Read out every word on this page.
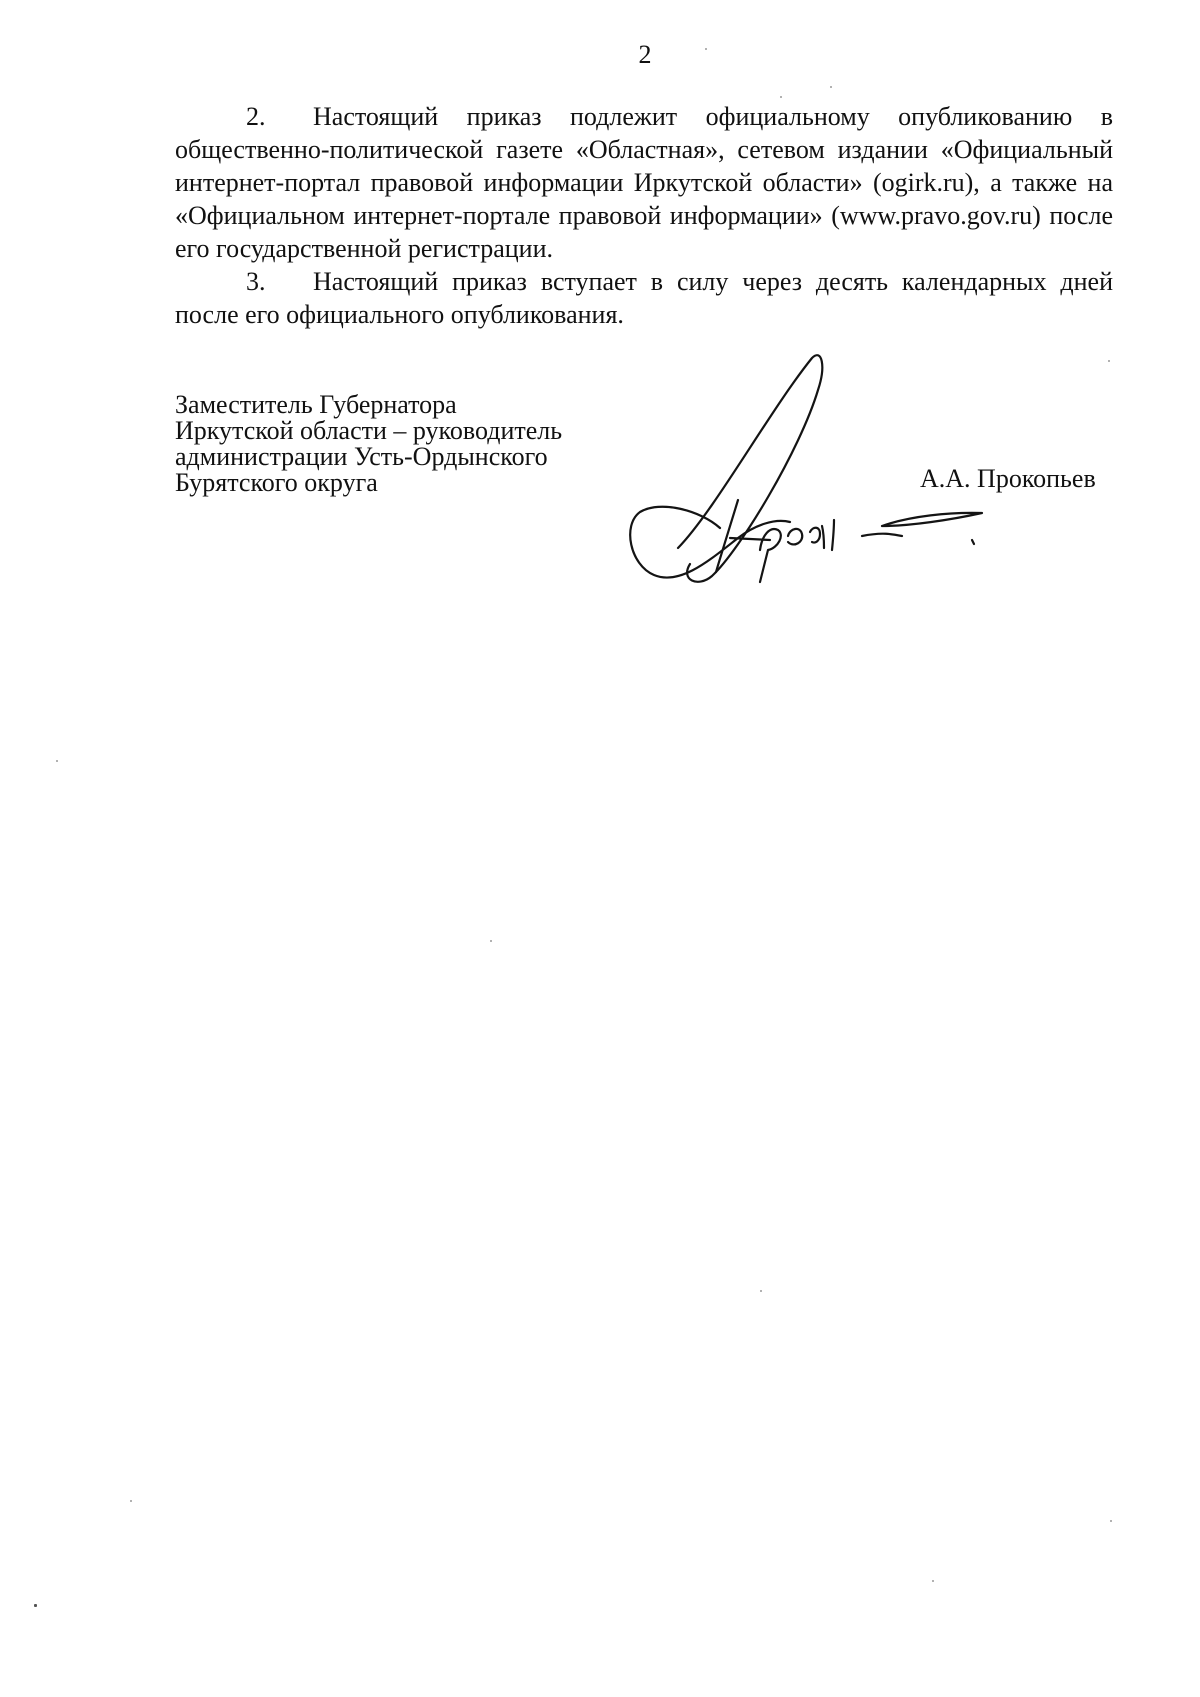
2

2. Настоящий приказ подлежит официальному опубликованию в общественно-политической газете «Областная», сетевом издании «Официальный интернет-портал правовой информации Иркутской области» (ogirk.ru), а также на «Официальном интернет-портале правовой информации» (www.pravo.gov.ru) после его государственной регистрации.

3. Настоящий приказ вступает в силу через десять календарных дней после его официального опубликования.

Заместитель Губернатора
Иркутской области – руководитель
администрации Усть-Ордынского
Бурятского округа	А.А. Прокопьев
